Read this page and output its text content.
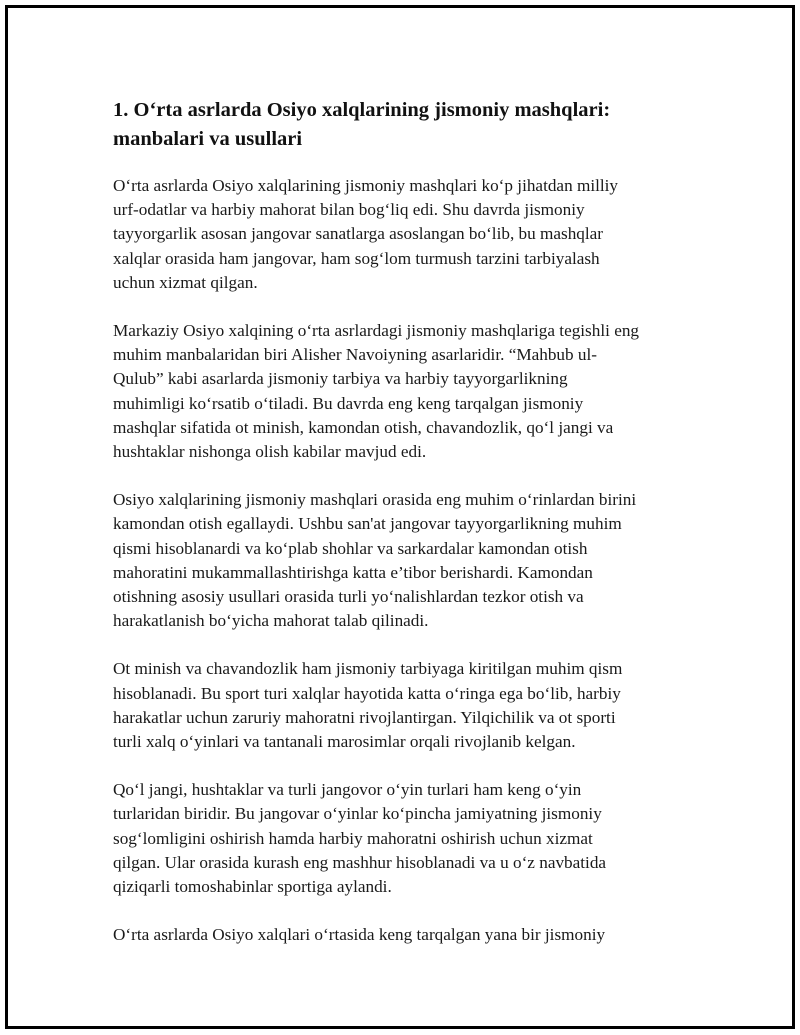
1. O‘rta asrlarda Osiyo xalqlarining jismoniy mashqlari:
manbalari va usullari
O‘rta asrlarda Osiyo xalqlarining jismoniy mashqlari ko‘p jihatdan milliy
urf-odatlar va harbiy mahorat bilan bog‘liq edi. Shu davrda jismoniy
tayyorgarlik asosan jangovar sanatlarga asoslangan bo‘lib, bu mashqlar
xalqlar orasida ham jangovar, ham sog‘lom turmush tarzini tarbiyalash
uchun xizmat qilgan.
Markaziy Osiyo xalqining o‘rta asrlardagi jismoniy mashqlariga tegishli eng
muhim manbalaridan biri Alisher Navoiyning asarlaridir. “Mahbub ul-
Qulub” kabi asarlarda jismoniy tarbiya va harbiy tayyorgarlikning
muhimligi ko‘rsatib o‘tiladi. Bu davrda eng keng tarqalgan jismoniy
mashqlar sifatida ot minish, kamondan otish, chavandozlik, qo‘l jangi va
hushtaklar nishonga olish kabilar mavjud edi.
Osiyo xalqlarining jismoniy mashqlari orasida eng muhim o‘rinlardan birini
kamondan otish egallaydi. Ushbu san'at jangovar tayyorgarlikning muhim
qismi hisoblanardi va ko‘plab shohlar va sarkardalar kamondan otish
mahoratini mukammallashtirishga katta e’tibor berishardi. Kamondan
otishning asosiy usullari orasida turli yo‘nalishlardan tezkor otish va
harakatlanish bo‘yicha mahorat talab qilinadi.
Ot minish va chavandozlik ham jismoniy tarbiyaga kiritilgan muhim qism
hisoblanadi. Bu sport turi xalqlar hayotida katta o‘ringa ega bo‘lib, harbiy
harakatlar uchun zaruriy mahoratni rivojlantirgan. Yilqichilik va ot sporti
turli xalq o‘yinlari va tantanali marosimlar orqali rivojlanib kelgan.
Qo‘l jangi, hushtaklar va turli jangovor o‘yin turlari ham keng o‘yin
turlaridan biridir. Bu jangovar o‘yinlar ko‘pincha jamiyatning jismoniy
sog‘lomligini oshirish hamda harbiy mahoratni oshirish uchun xizmat
qilgan. Ular orasida kurash eng mashhur hisoblanadi va u o‘z navbatida
qiziqarli tomoshabinlar sportiga aylandi.
O‘rta asrlarda Osiyo xalqlari o‘rtasida keng tarqalgan yana bir jismoniy
